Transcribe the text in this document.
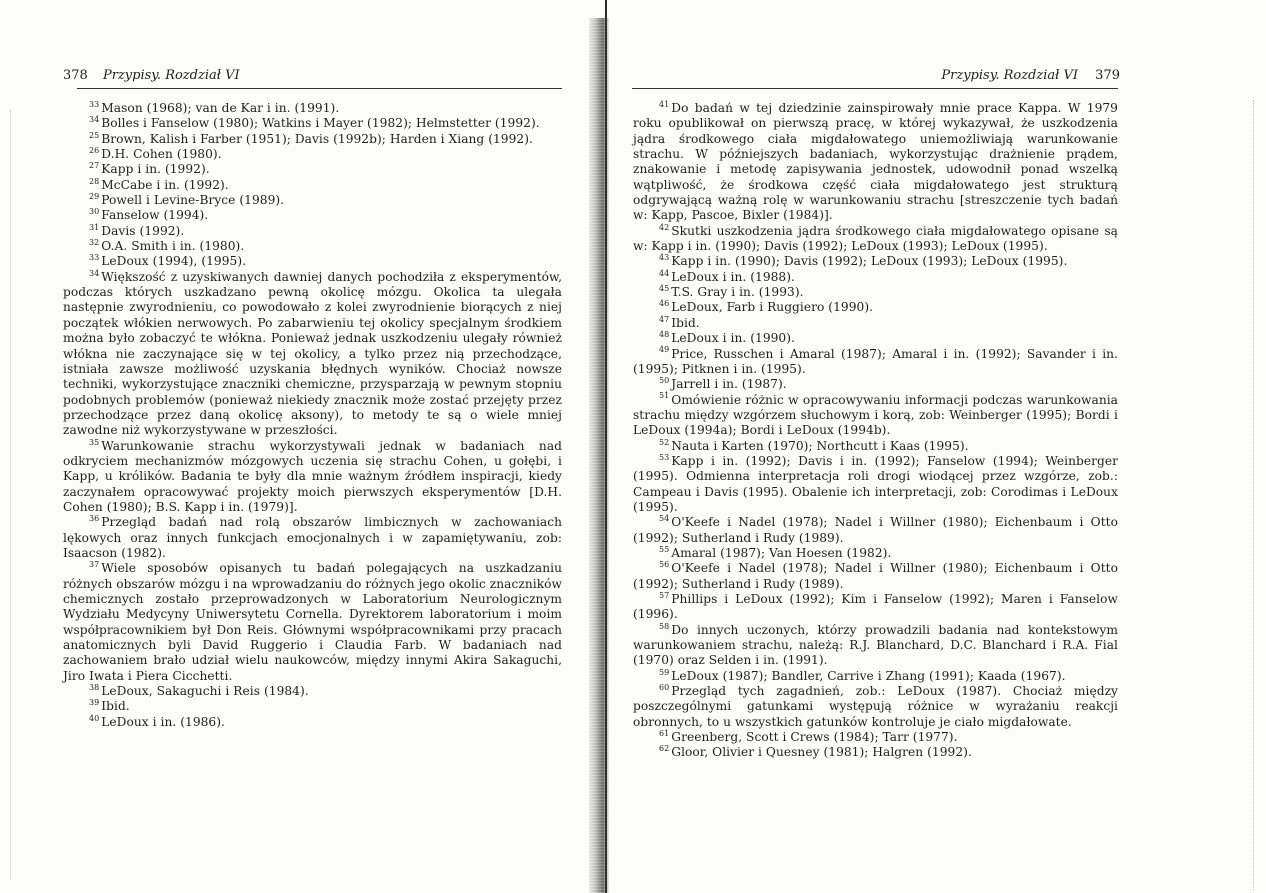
378 Przypisy. Rozdział VI

$^{33}$ Mason (1968); van de Kar i in. (1991).

$^{34}$ Bolles i Fanselow (1980); Watkins i Mayer (1982); Helmstetter (1992).

$^{25}$ Brown, Kalish i Farber (1951); Davis (1992b); Harden i Xiang (1992).

$^{26}$ D.H. Cohen (1980).

$^{27}$ Kapp i in. (1992).

$^{28}$ McCabe i in. (1992).

$^{29}$ Powell i Levine-Bryce (1989).

$^{30}$ Fanselow (1994).

$^{31}$ Davis (1992).

$^{32}$ O.A. Smith i in. (1980).

$^{33}$ LeDoux (1994), (1995).

$^{34}$ Większość z uzyskiwanych dawniej danych pochodziła z eksperymentów, podczas których uszkadzano pewną okolicę mózgu. Okolica ta ulegała następnie zwyrodnieniu, co powodowało z kolei zwyrodnienie biorących z niej początek włókien nerwowych. Po zabarwieniu tej okolicy specjalnym środkiem można było zobaczyć te włókna. Ponieważ jednak uszkodzeniu ulegały również włókna nie zaczynające się w tej okolicy, a tylko przez nią przechodzące, istniała zawsze możliwość uzyskania błędnych wyników. Chociaż nowsze techniki, wykorzystujące znaczniki chemiczne, przysparzają w pewnym stopniu podobnych problemów (ponieważ niekiedy znacznik może zostać przejęty przez przechodzące przez daną okolicę aksony), to metody te są o wiele mniej zawodne niż wykorzystywane w przeszłości.

$^{35}$ Warunkowanie strachu wykorzystywali jednak w badaniach nad odkryciem mechanizmów mózgowych uczenia się strachu Cohen, u gołębi, i Kapp, u królików. Badania te były dla mnie ważnym źródłem inspiracji, kiedy zaczynałem opracowywać projekty moich pierwszych eksperymentów [D.H. Cohen (1980); B.S. Kapp i in. (1979)].

$^{36}$ Przegląd badań nad rolą obszarów limbicznych w zachowaniach lękowych oraz innych funkcjach emocjonalnych i w zapamiętywaniu, zob: Isaacson (1982).

$^{37}$ Wiele sposobów opisanych tu badań polegających na uszkadzaniu różnych obszarów mózgu i na wprowadzaniu do różnych jego okolic znaczników chemicznych zostało przeprowadzonych w Laboratorium Neurologicznym Wydziału Medycyny Uniwersytetu Cornella. Dyrektorem laboratorium i moim współpracownikiem był Don Reis. Głównymi współpracownikami przy pracach anatomicznych byli David Ruggerio i Claudia Farb. W badaniach nad zachowaniem brało udział wielu naukowców, między innymi Akira Sakaguchi, Jiro Iwata i Piera Cicchetti.

$^{38}$ LeDoux, Sakaguchi i Reis (1984).

$^{39}$ Ibid.

$^{40}$ LeDoux i in. (1986).

Przypisy. Rozdział VI 379

$^{41}$ Do badań w tej dziedzinie zainspirowały mnie prace Kappa. W 1979 roku opublikował on pierwszą pracę, w której wykazywał, że uszkodzenia jądra środkowego ciała migdałowatego uniemożliwiają warunkowanie strachu. W późniejszych badaniach, wykorzystując drażnienie prądem, znakowanie i metodę zapisywania jednostek, udowodnił ponad wszelką wątpliwość, że środkowa część ciała migdałowatego jest strukturą odgrywającą ważną rolę w warunkowaniu strachu [streszczenie tych badań w: Kapp, Pascoe, Bixler (1984)].

$^{42}$ Skutki uszkodzenia jądra środkowego ciała migdałowatego opisane są w: Kapp i in. (1990); Davis (1992); LeDoux (1993); LeDoux (1995).

$^{43}$ Kapp i in. (1990); Davis (1992); LeDoux (1993); LeDoux (1995).

$^{44}$ LeDoux i in. (1988).

$^{45}$ T.S. Gray i in. (1993).

$^{46}$ LeDoux, Farb i Ruggiero (1990).

$^{47}$ Ibid.

$^{48}$ LeDoux i in. (1990).

$^{49}$ Price, Russchen i Amaral (1987); Amaral i in. (1992); Savander i in. (1995); Pitknen i in. (1995).

$^{50}$ Jarrell i in. (1987).

$^{51}$ Omówienie różnic w opracowywaniu informacji podczas warunkowania strachu między wzgórzem słuchowym i korą, zob: Weinberger (1995); Bordi i LeDoux (1994a); Bordi i LeDoux (1994b).

$^{52}$ Nauta i Karten (1970); Northcutt i Kaas (1995).

$^{53}$ Kapp i in. (1992); Davis i in. (1992); Fanselow (1994); Weinberger (1995). Odmienna interpretacja roli drogi wiodącej przez wzgórze, zob.: Campeau i Davis (1995). Obalenie ich interpretacji, zob: Corodimas i LeDoux (1995).

$^{54}$ O'Keefe i Nadel (1978); Nadel i Willner (1980); Eichenbaum i Otto (1992); Sutherland i Rudy (1989).

$^{55}$ Amaral (1987); Van Hoesen (1982).

$^{56}$ O'Keefe i Nadel (1978); Nadel i Willner (1980); Eichenbaum i Otto (1992); Sutherland i Rudy (1989).

$^{57}$ Phillips i LeDoux (1992); Kim i Fanselow (1992); Maren i Fanselow (1996).

$^{58}$ Do innych uczonych, którzy prowadzili badania nad kontekstowym warunkowaniem strachu, należą: R.J. Blanchard, D.C. Blanchard i R.A. Fial (1970) oraz Selden i in. (1991).

$^{59}$ LeDoux (1987); Bandler, Carrive i Zhang (1991); Kaada (1967).

$^{60}$ Przegląd tych zagadnień, zob.: LeDoux (1987). Chociaż między poszczególnymi gatunkami występują różnice w wyrażaniu reakcji obronnych, to u wszystkich gatunków kontroluje je ciało migdałowate.

$^{61}$ Greenberg, Scott i Crews (1984); Tarr (1977).

$^{62}$ Gloor, Olivier i Quesney (1981); Halgren (1992).
